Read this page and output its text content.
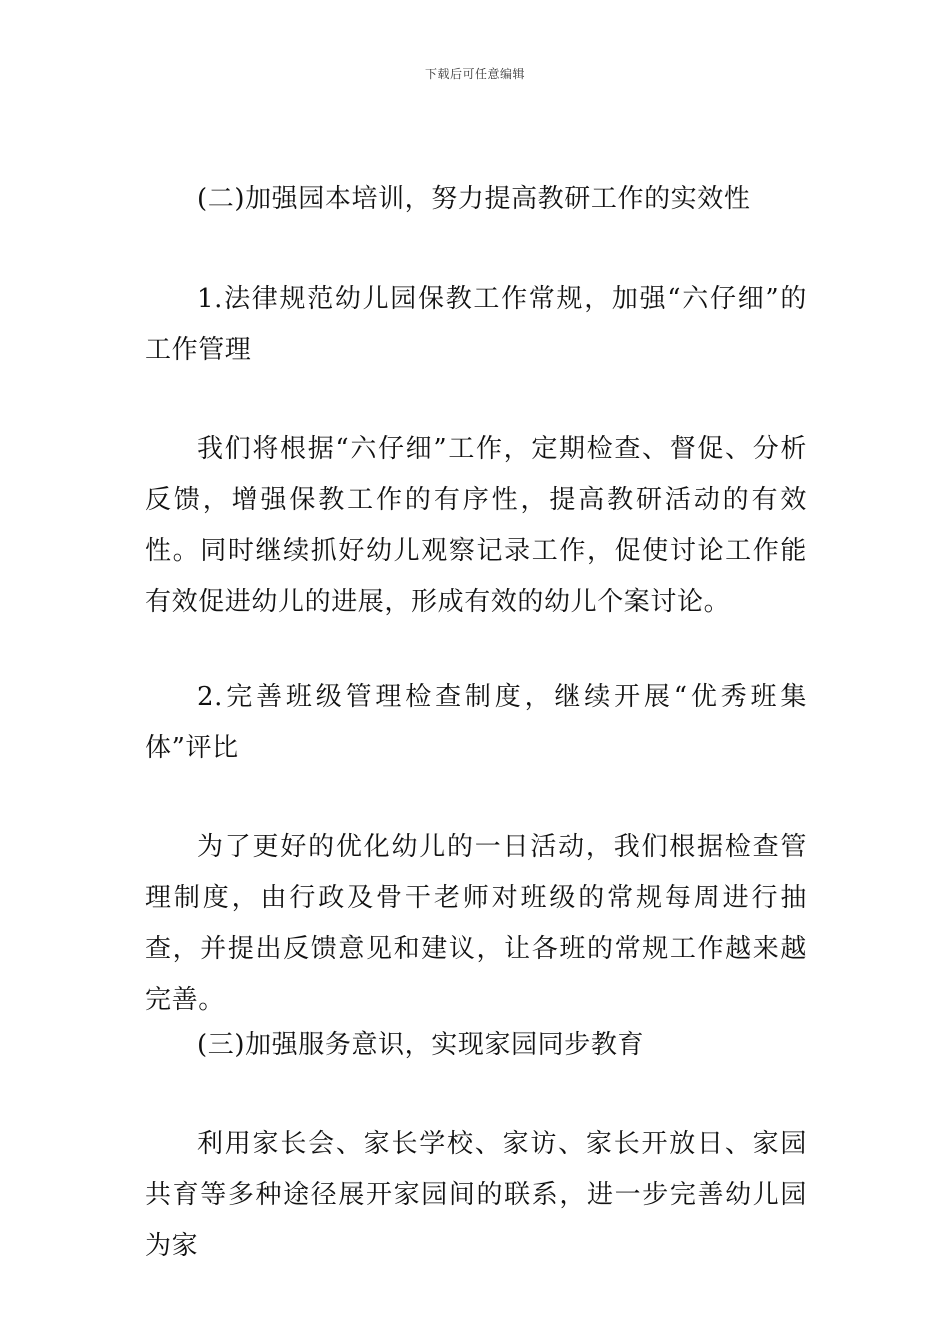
下载后可任意编辑

(二)加强园本培训，努力提高教研工作的实效性

1.法律规范幼儿园保教工作常规，加强“六仔细”的工作管理

我们将根据“六仔细”工作，定期检查、督促、分析反馈，增强保教工作的有序性，提高教研活动的有效性。同时继续抓好幼儿观察记录工作，促使讨论工作能有效促进幼儿的进展，形成有效的幼儿个案讨论。

2.完善班级管理检查制度，继续开展“优秀班集体”评比

为了更好的优化幼儿的一日活动，我们根据检查管理制度，由行政及骨干老师对班级的常规每周进行抽查，并提出反馈意见和建议，让各班的常规工作越来越完善。

(三)加强服务意识，实现家园同步教育

利用家长会、家长学校、家访、家长开放日、家园共育等多种途径展开家园间的联系，进一步完善幼儿园为家
